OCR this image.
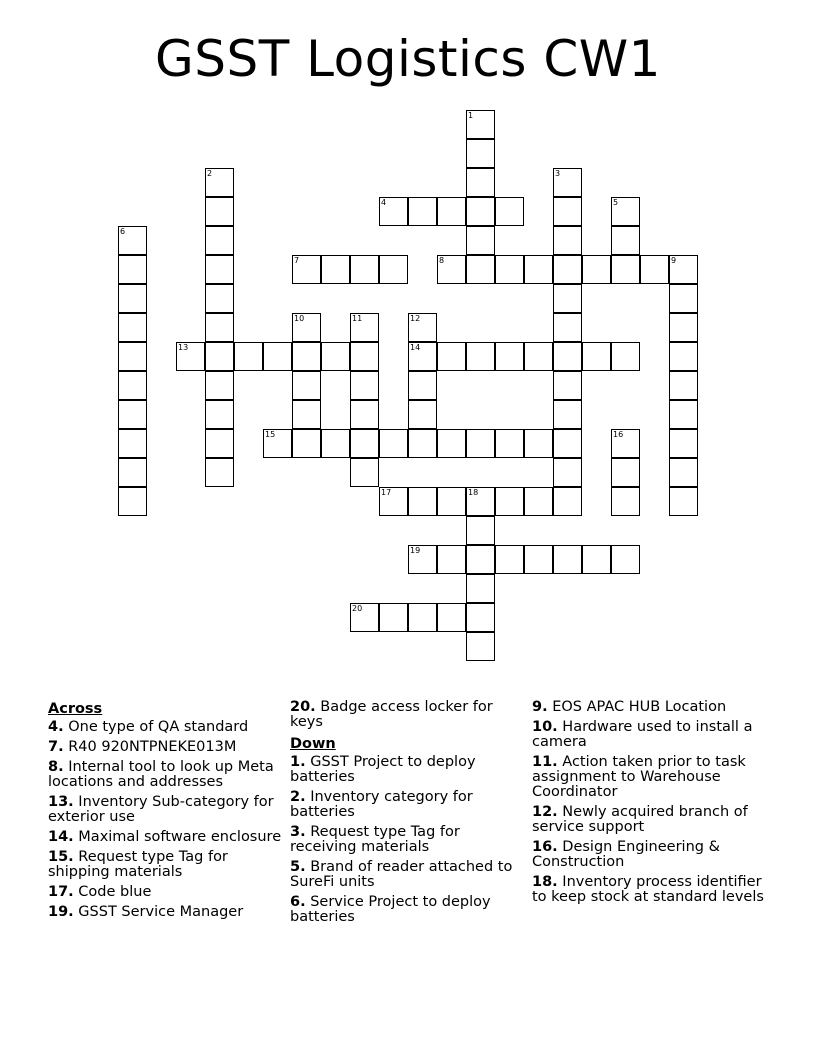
GSST Logistics CW1
1
2	3
4	5
6
7	8	9
10	11	12
14
13
15	16
17	18
19
20
Across
4. One type of QA standard
7. R40 920NTPNEKE013M
8. Internal tool to look up Meta locations and addresses
13. Inventory Sub-category for exterior use
14. Maximal software enclosure
15. Request type Tag for shipping materials
17. Code blue
19. GSST Service Manager
20. Badge access locker for keys
Down
1. GSST Project to deploy batteries
2. Inventory category for batteries
3. Request type Tag for receiving materials
5. Brand of reader attached to SureFi units
6. Service Project to deploy batteries
9. EOS APAC HUB Location
10. Hardware used to install a camera
11. Action taken prior to task assignment to Warehouse Coordinator
12. Newly acquired branch of service support
16. Design Engineering & Construction
18. Inventory process identifier to keep stock at standard levels
